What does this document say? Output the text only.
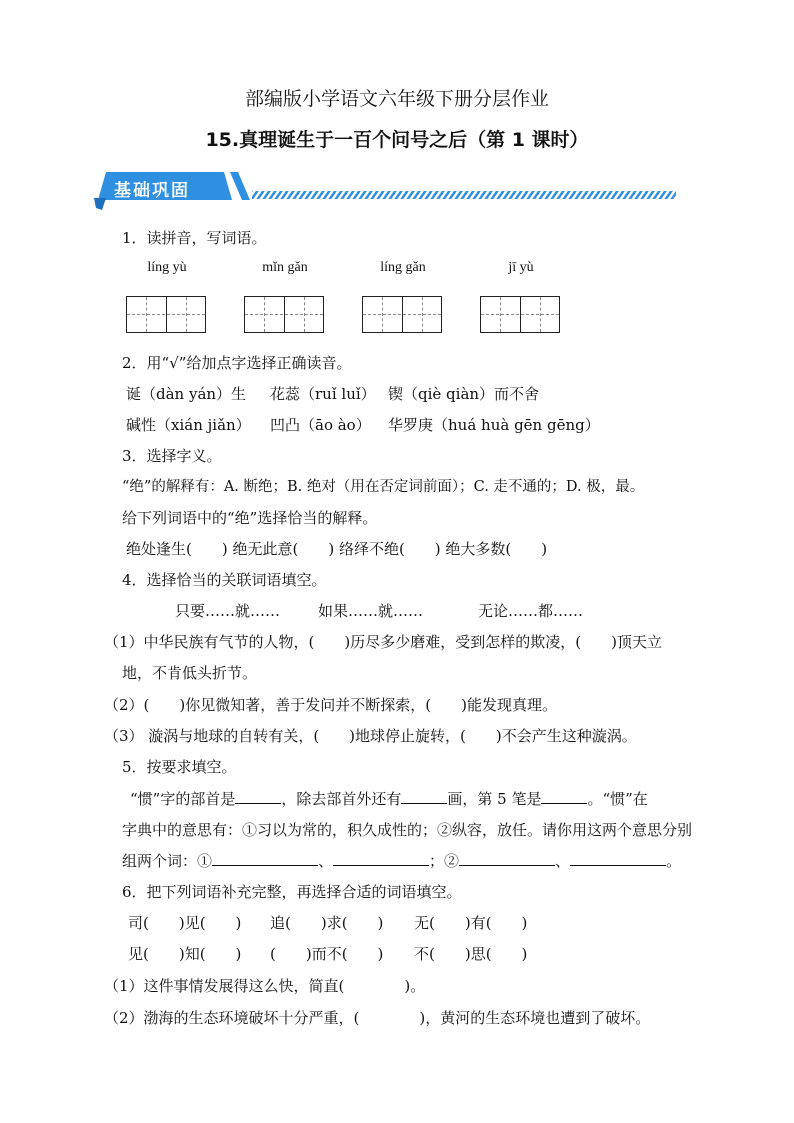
部编版小学语文六年级下册分层作业
15.真理诞生于一百个问号之后（第 1 课时）
基础巩固
1．读拼音，写词语。
líng yù	mǐn gǎn	líng gǎn	jī yù
2．用“√”给加点字选择正确读音。
诞（dàn yán）生 花蕊（ruǐ luǐ） 锲（qiè qiàn）而不舍
碱性（xián jiǎn） 凹凸（āo ào） 华罗庚（huá huà gēn gēng）
3．选择字义。
“绝”的解释有：A. 断绝；B. 绝对（用在否定词前面）；C. 走不通的；D. 极，最。
给下列词语中的“绝”选择恰当的解释。
绝处逢生(　　) 绝无此意(　　) 络绎不绝(　　) 绝大多数(　　)
4．选择恰当的关联词语填空。
只要……就……	如果……就……	无论……都……
（1）中华民族有气节的人物，(　　)历尽多少磨难，受到怎样的欺凌，(　　)顶天立
地，不肯低头折节。
（2）(　　)你见微知著，善于发问并不断探索，(　　)能发现真理。
（3） 漩涡与地球的自转有关，(　　)地球停止旋转，(　　)不会产生这种漩涡。
5．按要求填空。
“惯”字的部首是	，除去部首外还有	画，第 5 笔是	。“惯”在
字典中的意思有：①习以为常的，积久成性的；②纵容，放任。请你用这两个意思分别
组两个词：①	、	；②	、	。
6．把下列词语补充完整，再选择合适的词语填空。
司(　　)见(　　) 追(　　)求(　　) 无(　　)有(　　)
见(　　)知(　　) (　　)而不(　　) 不(　　)思(　　)
（1）这件事情发展得这么快，简直(　　　　)。
（2）渤海的生态环境破坏十分严重，(　　　　)，黄河的生态环境也遭到了破坏。
